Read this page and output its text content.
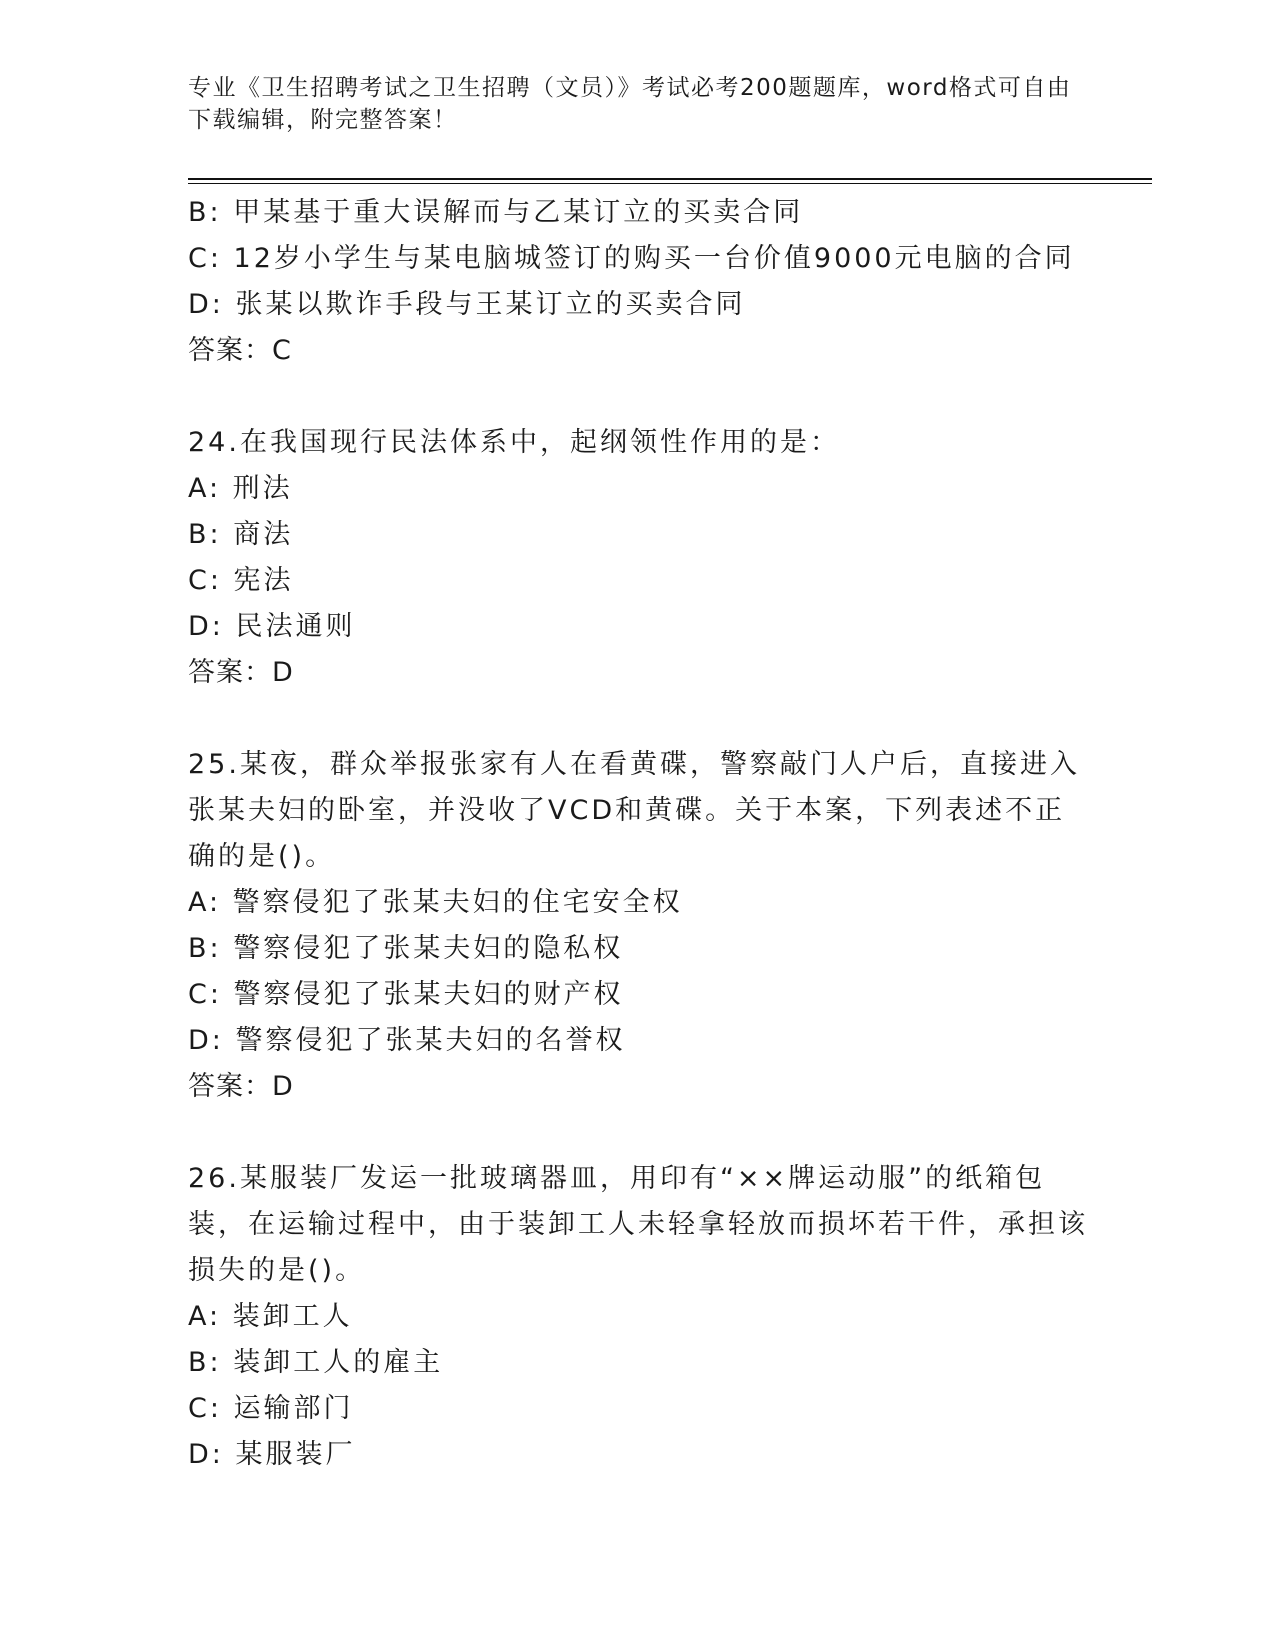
专业《卫生招聘考试之卫生招聘（文员）》考试必考200题题库，word格式可自由下载编辑，附完整答案！
B: 甲某基于重大误解而与乙某订立的买卖合同
C: 12岁小学生与某电脑城签订的购买一台价值9000元电脑的合同
D: 张某以欺诈手段与王某订立的买卖合同
答案：C
24.在我国现行民法体系中，起纲领性作用的是：
A: 刑法
B: 商法
C: 宪法
D: 民法通则
答案：D
25.某夜，群众举报张家有人在看黄碟，警察敲门人户后，直接进入张某夫妇的卧室，并没收了VCD和黄碟。关于本案，下列表述不正确的是()。
A: 警察侵犯了张某夫妇的住宅安全权
B: 警察侵犯了张某夫妇的隐私权
C: 警察侵犯了张某夫妇的财产权
D: 警察侵犯了张某夫妇的名誉权
答案：D
26.某服装厂发运一批玻璃器皿，用印有“××牌运动服”的纸箱包装，在运输过程中，由于装卸工人未轻拿轻放而损坏若干件，承担该损失的是()。
A: 装卸工人
B: 装卸工人的雇主
C: 运输部门
D: 某服装厂
